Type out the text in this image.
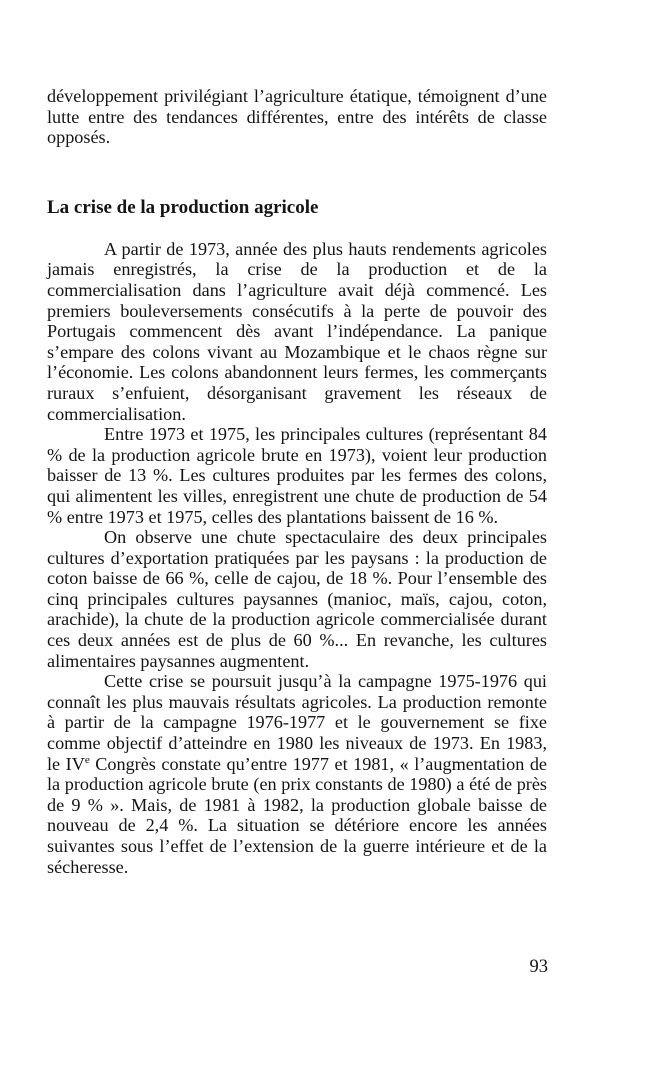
développement privilégiant l’agriculture étatique, témoignent d’une lutte entre des tendances différentes, entre des intérêts de classe opposés.

La crise de la production agricole

A partir de 1973, année des plus hauts rendements agricoles jamais enregistrés, la crise de la production et de la commercialisation dans l’agriculture avait déjà commencé. Les premiers bouleversements consécutifs à la perte de pouvoir des Portugais commencent dès avant l’indépendance. La panique s’empare des colons vivant au Mozambique et le chaos règne sur l’économie. Les colons abandonnent leurs fermes, les commerçants ruraux s’enfuient, désorganisant gravement les réseaux de commercialisation.

Entre 1973 et 1975, les principales cultures (représentant 84 % de la production agricole brute en 1973), voient leur production baisser de 13 %. Les cultures produites par les fermes des colons, qui alimentent les villes, enregistrent une chute de production de 54 % entre 1973 et 1975, celles des plantations baissent de 16 %.

On observe une chute spectaculaire des deux principales cultures d’exportation pratiquées par les paysans : la production de coton baisse de 66 %, celle de cajou, de 18 %. Pour l’ensemble des cinq principales cultures paysannes (manioc, maïs, cajou, coton, arachide), la chute de la production agricole commercialisée durant ces deux années est de plus de 60 %... En revanche, les cultures alimentaires paysannes augmentent.

Cette crise se poursuit jusqu’à la campagne 1975-1976 qui connaît les plus mauvais résultats agricoles. La production remonte à partir de la campagne 1976-1977 et le gouvernement se fixe comme objectif d’atteindre en 1980 les niveaux de 1973. En 1983, le IVe Congrès constate qu’entre 1977 et 1981, « l’augmentation de la production agricole brute (en prix constants de 1980) a été de près de 9 % ». Mais, de 1981 à 1982, la production globale baisse de nouveau de 2,4 %. La situation se détériore encore les années suivantes sous l’effet de l’extension de la guerre intérieure et de la sécheresse.

93
